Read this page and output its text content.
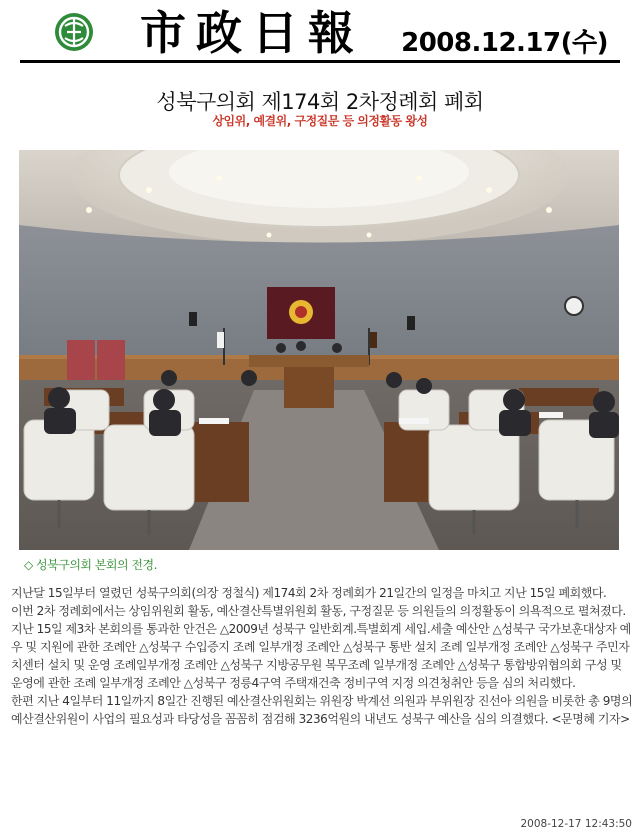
市政日報 2008.12.17(수)
성북구의회 제174회 2차정례회 폐회
상임위, 예결위, 구정질문 등 의정활동 왕성
◇ 성북구의회 본회의 전경.

지난달 15일부터 열렸던 성북구의회(의장 정철식) 제174회 2차 정례회가 21일간의 일정을 마치고 지난 15일 폐회했다.

이번 2차 정례회에서는 상임위원회 활동, 예산결산특별위원회 활동, 구정질문 등 의원들의 의정활동이 의욕적으로 펼쳐졌다.

지난 15일 제3차 본회의를 통과한 안건은 △2009년 성북구 일반회계.특별회계 세입.세출 예산안 △성북구 국가보훈대상자 예우 및 지원에 관한 조례안 △성북구 수입증지 조례 일부개정 조례안 △성북구 통반 설치 조례 일부개정 조례안 △성북구 주민자치센터 설치 및 운영 조례일부개정 조례안 △성북구 지방공무원 복무조례 일부개정 조례안 △성북구 통합방위협의회 구성 및 운영에 관한 조례 일부개정 조례안 △성북구 정릉4구역 주택재건축 정비구역 지정 의견청취안 등을 심의 처리했다.

한편 지난 4일부터 11일까지 8일간 진행된 예산결산위원회는 위원장 박계선 의원과 부위원장 진선아 의원을 비롯한 총 9명의 예산결산위원이 사업의 필요성과 타당성을 꼼꼼히 점검해 3236억원의 내년도 성북구 예산을 심의 의결했다. <문명혜 기자>

2008-12-17 12:43:50
